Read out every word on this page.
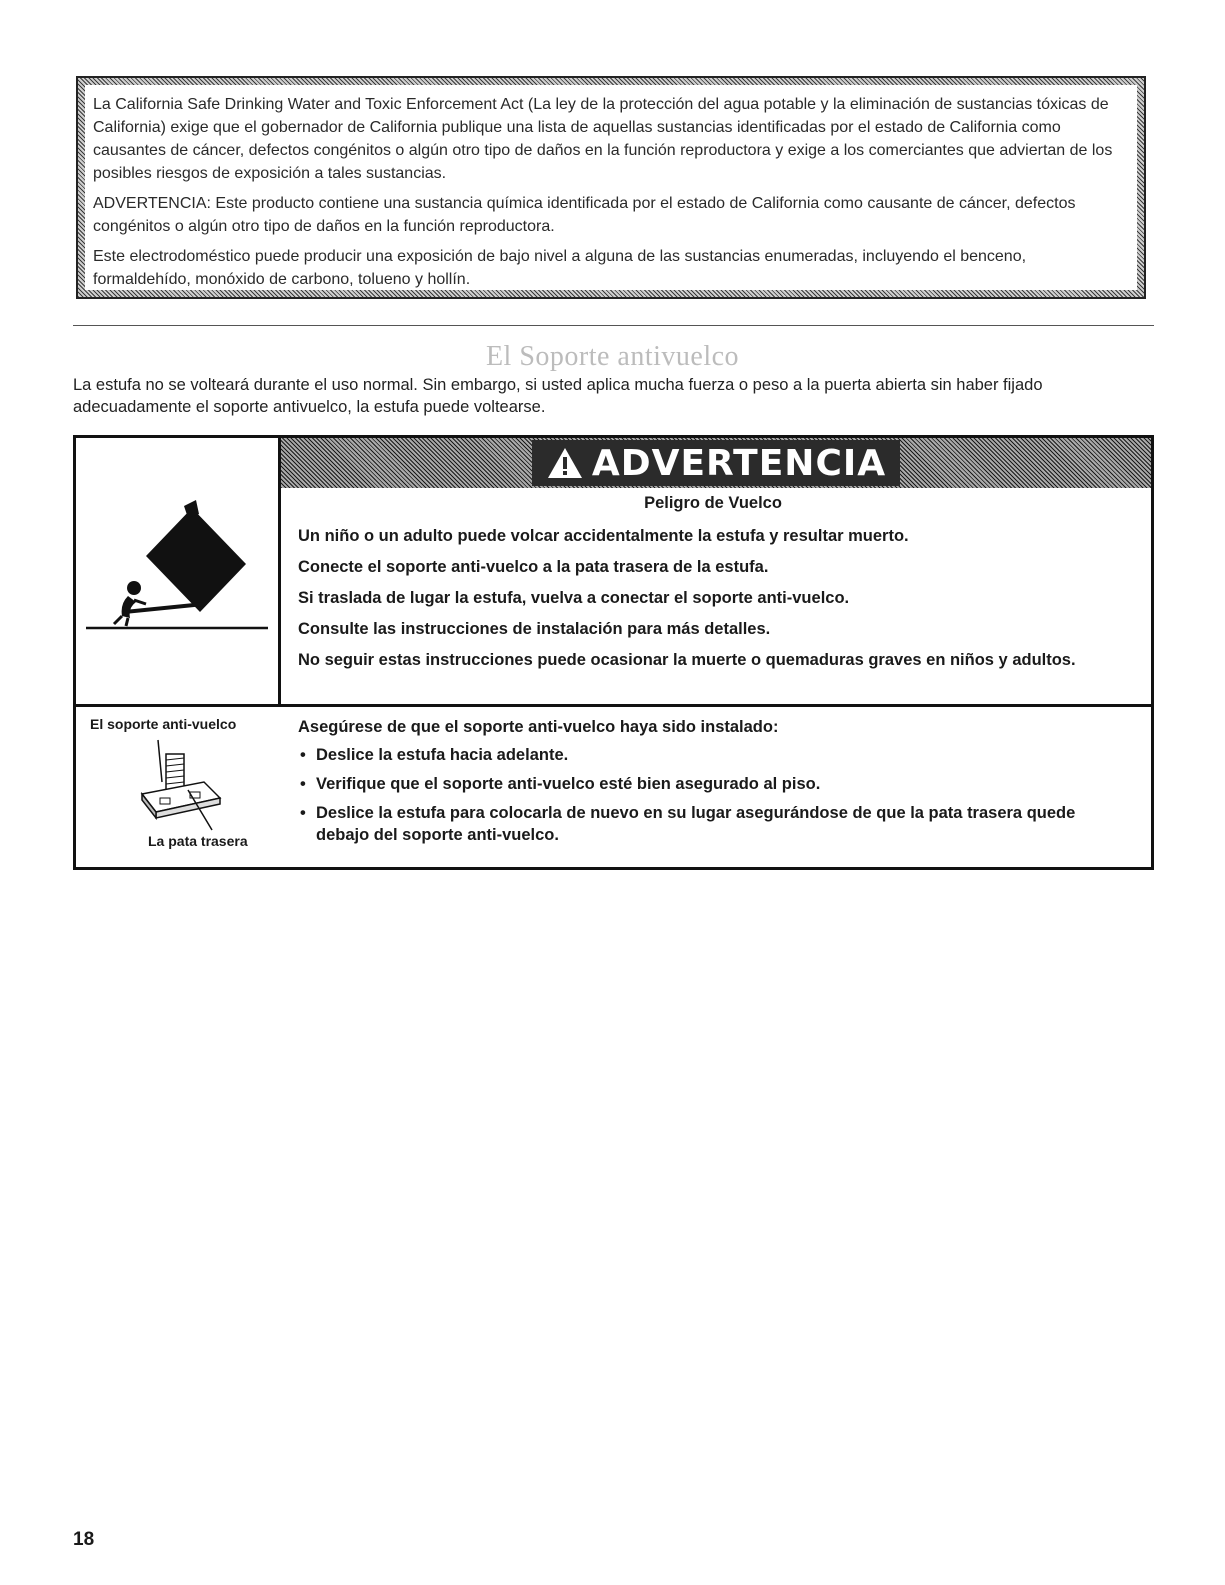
La California Safe Drinking Water and Toxic Enforcement Act (La ley de la protección del agua potable y la eliminación de sustancias tóxicas de California) exige que el gobernador de California publique una lista de aquellas sustancias identificadas por el estado de California como causantes de cáncer, defectos congénitos o algún otro tipo de daños en la función reproductora y exige a los comerciantes que adviertan de los posibles riesgos de exposición a tales sustancias.

ADVERTENCIA: Este producto contiene una sustancia química identificada por el estado de California como causante de cáncer, defectos congénitos o algún otro tipo de daños en la función reproductora.

Este electrodoméstico puede producir una exposición de bajo nivel a alguna de las sustancias enumeradas, incluyendo el benceno, formaldehído, monóxido de carbono, tolueno y hollín.

El Soporte antivuelco

La estufa no se volteará durante el uso normal. Sin embargo, si usted aplica mucha fuerza o peso a la puerta abierta sin haber fijado adecuadamente el soporte antivuelco, la estufa puede voltearse.

ADVERTENCIA

Peligro de Vuelco

Un niño o un adulto puede volcar accidentalmente la estufa y resultar muerto.

Conecte el soporte anti-vuelco a la pata trasera de la estufa.

Si traslada de lugar la estufa, vuelva a conectar el soporte anti-vuelco.

Consulte las instrucciones de instalación para más detalles.

No seguir estas instrucciones puede ocasionar la muerte o quemaduras graves en niños y adultos.

El soporte anti-vuelco
La pata trasera

Asegúrese de que el soporte anti-vuelco haya sido instalado:

• Deslice la estufa hacia adelante.
• Verifique que el soporte anti-vuelco esté bien asegurado al piso.
• Deslice la estufa para colocarla de nuevo en su lugar asegurándose de que la pata trasera quede debajo del soporte anti-vuelco.
18
